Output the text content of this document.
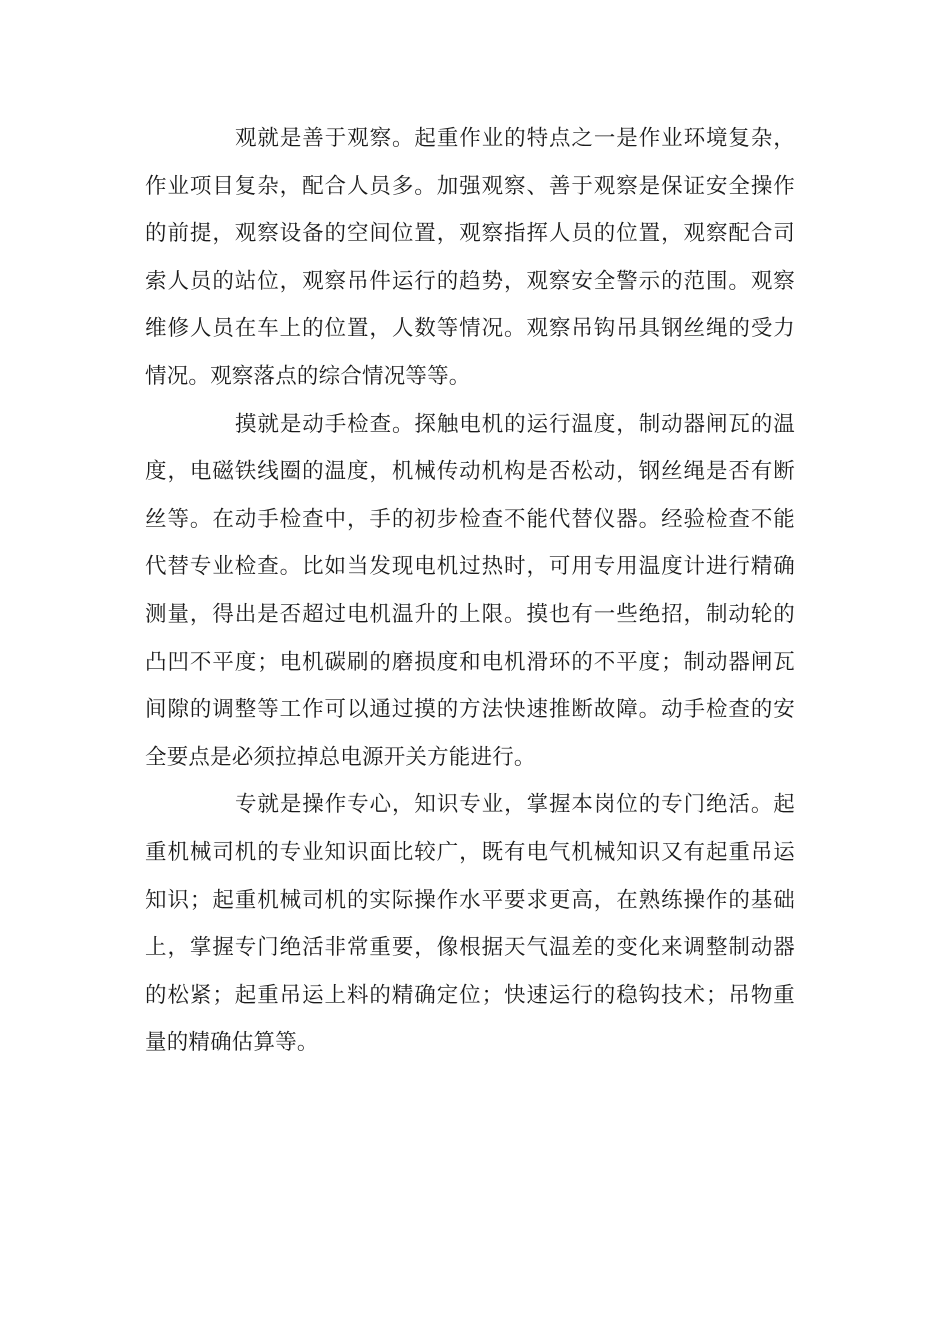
观就是善于观察。起重作业的特点之一是作业环境复杂，作业项目复杂，配合人员多。加强观察、善于观察是保证安全操作的前提，观察设备的空间位置，观察指挥人员的位置，观察配合司索人员的站位，观察吊件运行的趋势，观察安全警示的范围。观察维修人员在车上的位置，人数等情况。观察吊钩吊具钢丝绳的受力情况。观察落点的综合情况等等。

摸就是动手检查。探触电机的运行温度，制动器闸瓦的温度，电磁铁线圈的温度，机械传动机构是否松动，钢丝绳是否有断丝等。在动手检查中，手的初步检查不能代替仪器。经验检查不能代替专业检查。比如当发现电机过热时，可用专用温度计进行精确测量，得出是否超过电机温升的上限。摸也有一些绝招，制动轮的凸凹不平度；电机碳刷的磨损度和电机滑环的不平度；制动器闸瓦间隙的调整等工作可以通过摸的方法快速推断故障。动手检查的安全要点是必须拉掉总电源开关方能进行。

专就是操作专心，知识专业，掌握本岗位的专门绝活。起重机械司机的专业知识面比较广，既有电气机械知识又有起重吊运知识；起重机械司机的实际操作水平要求更高，在熟练操作的基础上，掌握专门绝活非常重要，像根据天气温差的变化来调整制动器的松紧；起重吊运上料的精确定位；快速运行的稳钩技术；吊物重量的精确估算等。
